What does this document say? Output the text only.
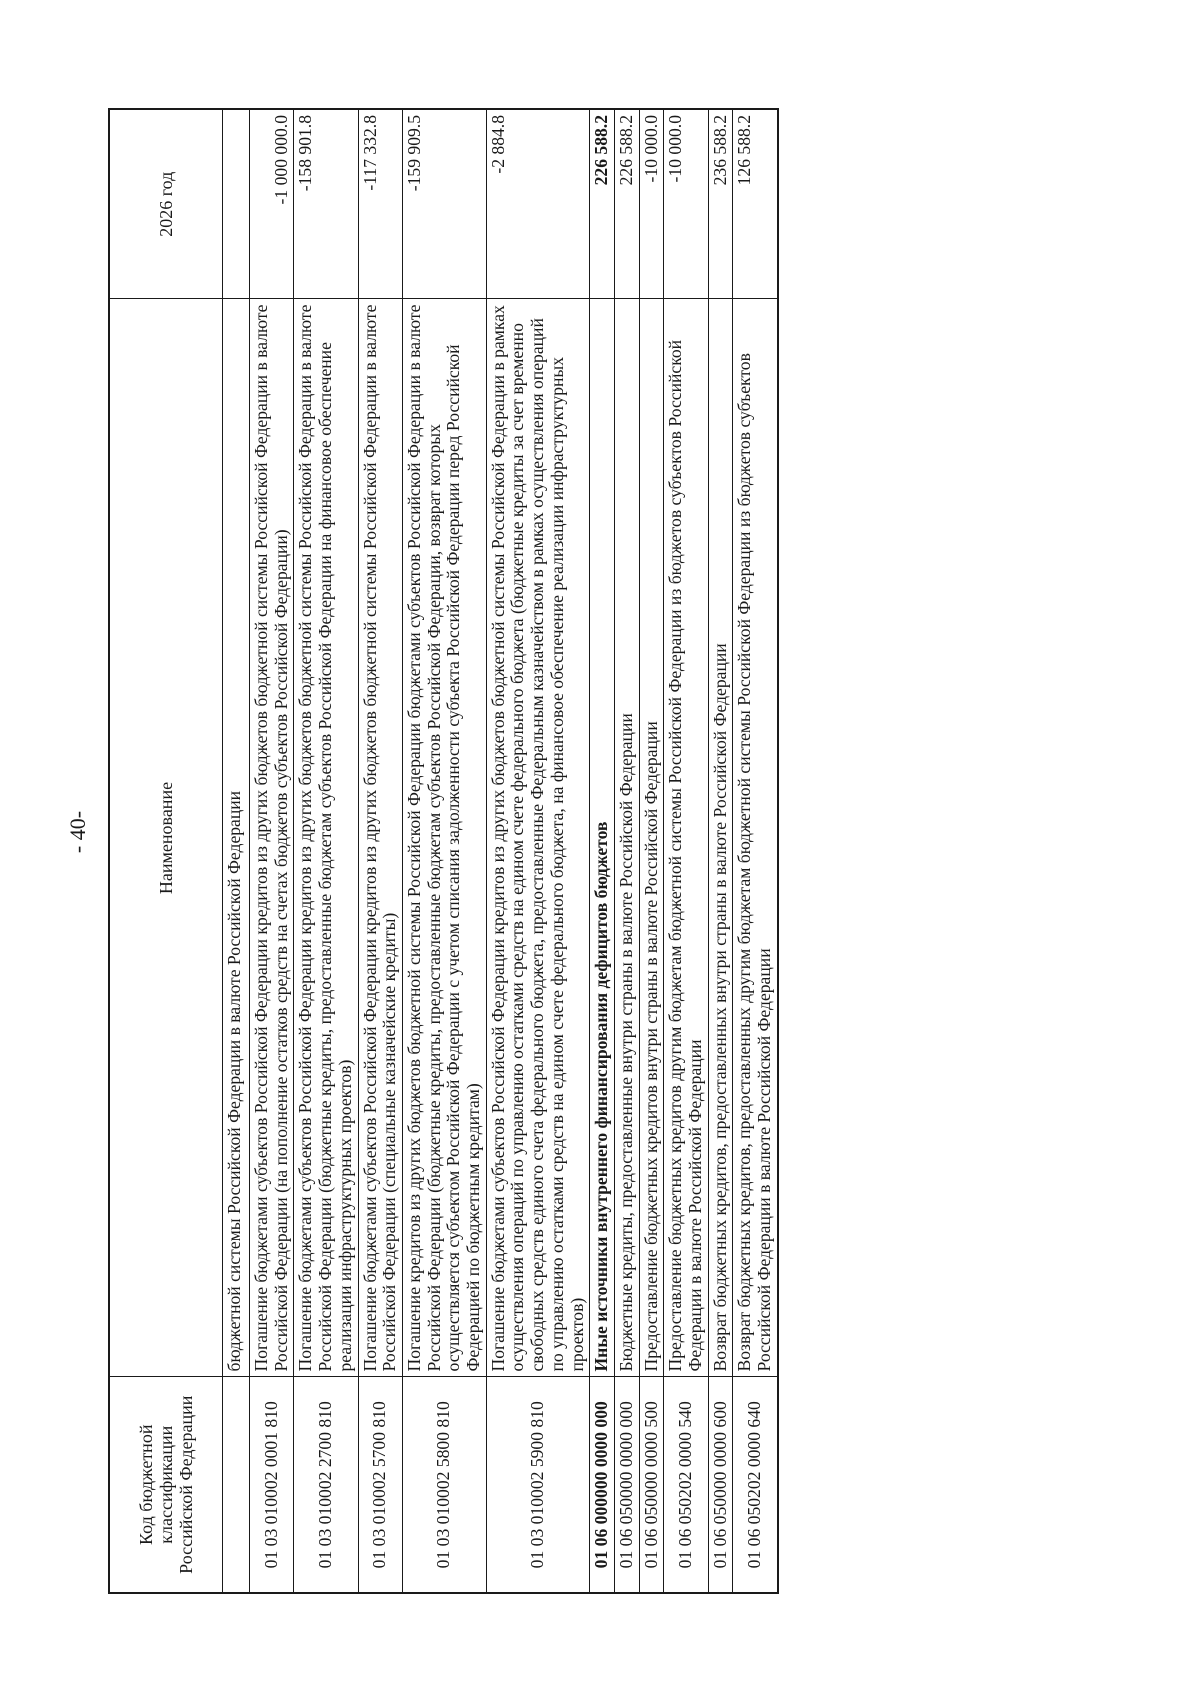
- 40-
Код бюджетной классификации Российской Федерации	Наименование	2026 год
	бюджетной системы Российской Федерации в валюте Российской Федерации	
01 03 010002 0001 810	Погашение бюджетами субъектов Российской Федерации кредитов из других бюджетов бюджетной системы Российской Федерации в валюте Российской Федерации (на пополнение остатков средств на счетах бюджетов субъектов Российской Федерации)	-1 000 000.0
01 03 010002 2700 810	Погашение бюджетами субъектов Российской Федерации кредитов из других бюджетов бюджетной системы Российской Федерации в валюте Российской Федерации (бюджетные кредиты, предоставленные бюджетам субъектов Российской Федерации на финансовое обеспечение реализации инфраструктурных проектов)	-158 901.8
01 03 010002 5700 810	Погашение бюджетами субъектов Российской Федерации кредитов из других бюджетов бюджетной системы Российской Федерации в валюте Российской Федерации (специальные казначейские кредиты)	-117 332.8
01 03 010002 5800 810	Погашение кредитов из других бюджетов бюджетной системы Российской Федерации бюджетами субъектов Российской Федерации в валюте Российской Федерации (бюджетные кредиты, предоставленные бюджетам субъектов Российской Федерации, возврат которых осуществляется субъектом Российской Федерации с учетом списания задолженности субъекта Российской Федерации перед Российской Федерацией по бюджетным кредитам)	-159 909.5
01 03 010002 5900 810	Погашение бюджетами субъектов Российской Федерации кредитов из других бюджетов бюджетной системы Российской Федерации в рамках осуществления операций по управлению остатками средств на едином счете федерального бюджета (бюджетные кредиты за счет временно свободных средств единого счета федерального бюджета, предоставленные Федеральным казначейством в рамках осуществления операций по управлению остатками средств на едином счете федерального бюджета, на финансовое обеспечение реализации инфраструктурных проектов)	-2 884.8
01 06 000000 0000 000	Иные источники внутреннего финансирования дефицитов бюджетов	226 588.2
01 06 050000 0000 000	Бюджетные кредиты, предоставленные внутри страны в валюте Российской Федерации	226 588.2
01 06 050000 0000 500	Предоставление бюджетных кредитов внутри страны в валюте Российской Федерации	-10 000.0
01 06 050202 0000 540	Предоставление бюджетных кредитов другим бюджетам бюджетной системы Российской Федерации из бюджетов субъектов Российской Федерации в валюте Российской Федерации	-10 000.0
01 06 050000 0000 600	Возврат бюджетных кредитов, предоставленных внутри страны в валюте Российской Федерации	236 588.2
01 06 050202 0000 640	Возврат бюджетных кредитов, предоставленных другим бюджетам бюджетной системы Российской Федерации из бюджетов субъектов Российской Федерации в валюте Российской Федерации	126 588.2
